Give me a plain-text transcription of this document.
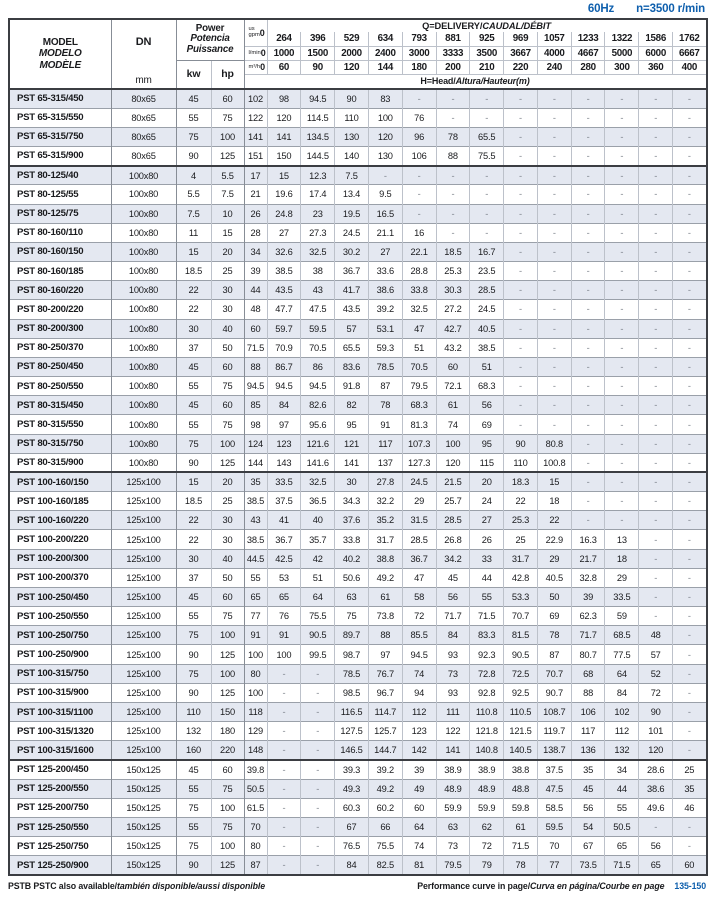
60Hz n=3500 r/min
MODEL
MODELO
MODÈLE

DN
mm

Power
Potencia
Puissance

us
gpm 0
	Q=DELIVERY/CAUDAL/DÉBIT
					264	396	529	634	793	881	925	969	1057	1233	1322	1586	1762

				l/min 0	1000	1500	2000	2400	3000	3333	3500	3667	4000	4667	5000	6000	6667
		kw	hp	m³/h 0	60	90	120	144	180	200	210	220	240	280	300	360	400
				H=Head/Altura/Hauteur(m)													
PST 65-315/450	80x65	45	60	102	98	94.5	90	83	-	-	-	-	-	-	-	-	-
PST 65-315/550	80x65	55	75	122	120	114.5	110	100	76	-	-	-	-	-	-	-	-
PST 65-315/750	80x65	75	100	141	141	134.5	130	120	96	78	65.5	-	-	-	-	-	-
PST 65-315/900	80x65	90	125	151	150	144.5	140	130	106	88	75.5	-	-	-	-	-	-
PST 80-125/40	100x80	4	5.5	17	15	12.3	7.5	-	-	-	-	-	-	-	-	-	-
PST 80-125/55	100x80	5.5	7.5	21	19.6	17.4	13.4	9.5	-	-	-	-	-	-	-	-	-
PST 80-125/75	100x80	7.5	10	26	24.8	23	19.5	16.5	-	-	-	-	-	-	-	-	-
PST 80-160/110	100x80	11	15	28	27	27.3	24.5	21.1	16	-	-	-	-	-	-	-	-
PST 80-160/150	100x80	15	20	34	32.6	32.5	30.2	27	22.1	18.5	16.7	-	-	-	-	-	-
PST 80-160/185	100x80	18.5	25	39	38.5	38	36.7	33.6	28.8	25.3	23.5	-	-	-	-	-	-
PST 80-160/220	100x80	22	30	44	43.5	43	41.7	38.6	33.8	30.3	28.5	-	-	-	-	-	-
PST 80-200/220	100x80	22	30	48	47.7	47.5	43.5	39.2	32.5	27.2	24.5	-	-	-	-	-	-
PST 80-200/300	100x80	30	40	60	59.7	59.5	57	53.1	47	42.7	40.5	-	-	-	-	-	-
PST 80-250/370	100x80	37	50	71.5	70.9	70.5	65.5	59.3	51	43.2	38.5	-	-	-	-	-	-
PST 80-250/450	100x80	45	60	88	86.7	86	83.6	78.5	70.5	60	51	-	-	-	-	-	-
PST 80-250/550	100x80	55	75	94.5	94.5	94.5	91.8	87	79.5	72.1	68.3	-	-	-	-	-	-
PST 80-315/450	100x80	45	60	85	84	82.6	82	78	68.3	61	56	-	-	-	-	-	-
PST 80-315/550	100x80	55	75	98	97	95.6	95	91	81.3	74	69	-	-	-	-	-	-
PST 80-315/750	100x80	75	100	124	123	121.6	121	117	107.3	100	95	90	80.8	-	-	-	-
PST 80-315/900	100x80	90	125	144	143	141.6	141	137	127.3	120	115	110	100.8	-	-	-	-
PST 100-160/150	125x100	15	20	35	33.5	32.5	30	27.8	24.5	21.5	20	18.3	15	-	-	-	-
PST 100-160/185	125x100	18.5	25	38.5	37.5	36.5	34.3	32.2	29	25.7	24	22	18	-	-	-	-
PST 100-160/220	125x100	22	30	43	41	40	37.6	35.2	31.5	28.5	27	25.3	22	-	-	-	-
PST 100-200/220	125x100	22	30	38.5	36.7	35.7	33.8	31.7	28.5	26.8	26	25	22.9	16.3	13	-	-
PST 100-200/300	125x100	30	40	44.5	42.5	42	40.2	38.8	36.7	34.2	33	31.7	29	21.7	18	-	-
PST 100-200/370	125x100	37	50	55	53	51	50.6	49.2	47	45	44	42.8	40.5	32.8	29	-	-
PST 100-250/450	125x100	45	60	65	65	64	63	61	58	56	55	53.3	50	39	33.5	-	-
PST 100-250/550	125x100	55	75	77	76	75.5	75	73.8	72	71.7	71.5	70.7	69	62.3	59	-	-
PST 100-250/750	125x100	75	100	91	91	90.5	89.7	88	85.5	84	83.3	81.5	78	71.7	68.5	48	-
PST 100-250/900	125x100	90	125	100	100	99.5	98.7	97	94.5	93	92.3	90.5	87	80.7	77.5	57	-
PST 100-315/750	125x100	75	100	80	-	-	78.5	76.7	74	73	72.8	72.5	70.7	68	64	52	-
PST 100-315/900	125x100	90	125	100	-	-	98.5	96.7	94	93	92.8	92.5	90.7	88	84	72	-
PST 100-315/1100	125x100	110	150	118	-	-	116.5	114.7	112	111	110.8	110.5	108.7	106	102	90	-
PST 100-315/1320	125x100	132	180	129	-	-	127.5	125.7	123	122	121.8	121.5	119.7	117	112	101	-
PST 100-315/1600	125x100	160	220	148	-	-	146.5	144.7	142	141	140.8	140.5	138.7	136	132	120	-
PST 125-200/450	150x125	45	60	39.8	-	-	39.3	39.2	39	38.9	38.9	38.8	37.5	35	34	28.6	25
PST 125-200/550	150x125	55	75	50.5	-	-	49.3	49.2	49	48.9	48.9	48.8	47.5	45	44	38.6	35
PST 125-200/750	150x125	75	100	61.5	-	-	60.3	60.2	60	59.9	59.9	59.8	58.5	56	55	49.6	46
PST 125-250/550	150x125	55	75	70	-	-	67	66	64	63	62	61	59.5	54	50.5	-	-
PST 125-250/750	150x125	75	100	80	-	-	76.5	75.5	74	73	72	71.5	70	67	65	56	-
PST 125-250/900	150x125	90	125	87	-	-	84	82.5	81	79.5	79	78	77	73.5	71.5	65	60
PSTB PSTC also available/también disponible/aussi disponible	Performance curve in page/Curva en página/Courbe en page 135-150
